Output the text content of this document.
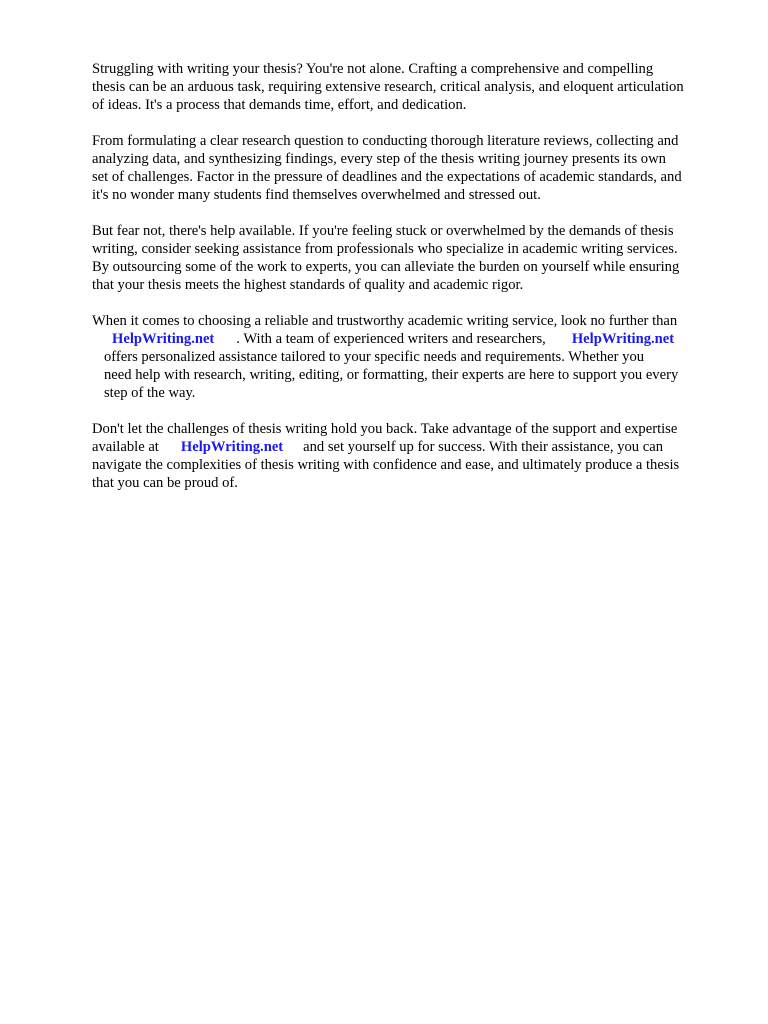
Struggling with writing your thesis? You're not alone. Crafting a comprehensive and compelling
thesis can be an arduous task, requiring extensive research, critical analysis, and eloquent articulation
of ideas. It's a process that demands time, effort, and dedication.

From formulating a clear research question to conducting thorough literature reviews, collecting and
analyzing data, and synthesizing findings, every step of the thesis writing journey presents its own
set of challenges. Factor in the pressure of deadlines and the expectations of academic standards, and
it's no wonder many students find themselves overwhelmed and stressed out.

But fear not, there's help available. If you're feeling stuck or overwhelmed by the demands of thesis
writing, consider seeking assistance from professionals who specialize in academic writing services.
By outsourcing some of the work to experts, you can alleviate the burden on yourself while ensuring
that your thesis meets the highest standards of quality and academic rigor.

When it comes to choosing a reliable and trustworthy academic writing service, look no further than
HelpWriting.net . With a team of experienced writers and researchers, HelpWriting.net
offers personalized assistance tailored to your specific needs and requirements. Whether you
need help with research, writing, editing, or formatting, their experts are here to support you every
step of the way.

Don't let the challenges of thesis writing hold you back. Take advantage of the support and expertise
available at HelpWriting.net and set yourself up for success. With their assistance, you can
navigate the complexities of thesis writing with confidence and ease, and ultimately produce a thesis
that you can be proud of.
